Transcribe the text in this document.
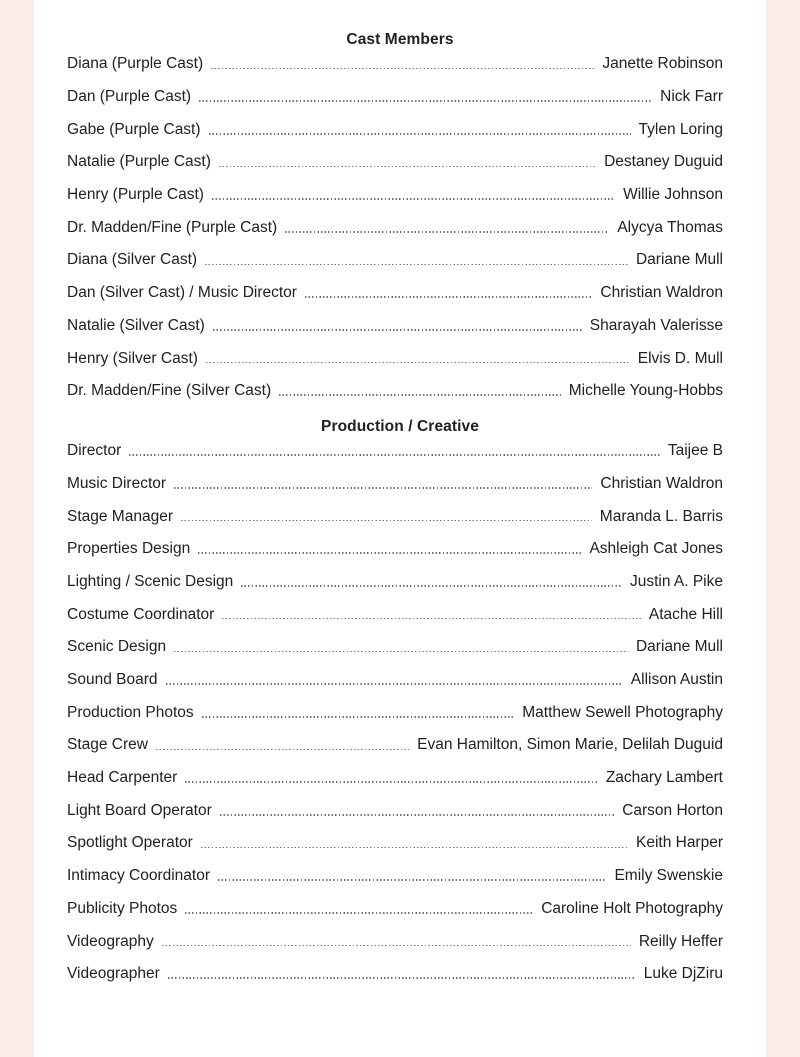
Cast Members
Diana (Purple Cast)	Janette Robinson
Dan (Purple Cast)	Nick Farr
Gabe (Purple Cast)	Tylen Loring
Natalie (Purple Cast)	Destaney Duguid
Henry (Purple Cast)	Willie Johnson
Dr. Madden/Fine (Purple Cast)	Alycya Thomas
Diana (Silver Cast)	Dariane Mull
Dan (Silver Cast) / Music Director	Christian Waldron
Natalie (Silver Cast)	Sharayah Valerisse
Henry (Silver Cast)	Elvis D. Mull
Dr. Madden/Fine (Silver Cast)	Michelle Young-Hobbs
Production / Creative
Director	Taijee B
Music Director	Christian Waldron
Stage Manager	Maranda L. Barris
Properties Design	Ashleigh Cat Jones
Lighting / Scenic Design	Justin A. Pike
Costume Coordinator	Atache Hill
Scenic Design	Dariane Mull
Sound Board	Allison Austin
Production Photos	Matthew Sewell Photography
Stage Crew	Evan Hamilton, Simon Marie, Delilah Duguid
Head Carpenter	Zachary Lambert
Light Board Operator	Carson Horton
Spotlight Operator	Keith Harper
Intimacy Coordinator	Emily Swenskie
Publicity Photos	Caroline Holt Photography
Videography	Reilly Heffer
Videographer	Luke DjZiru
